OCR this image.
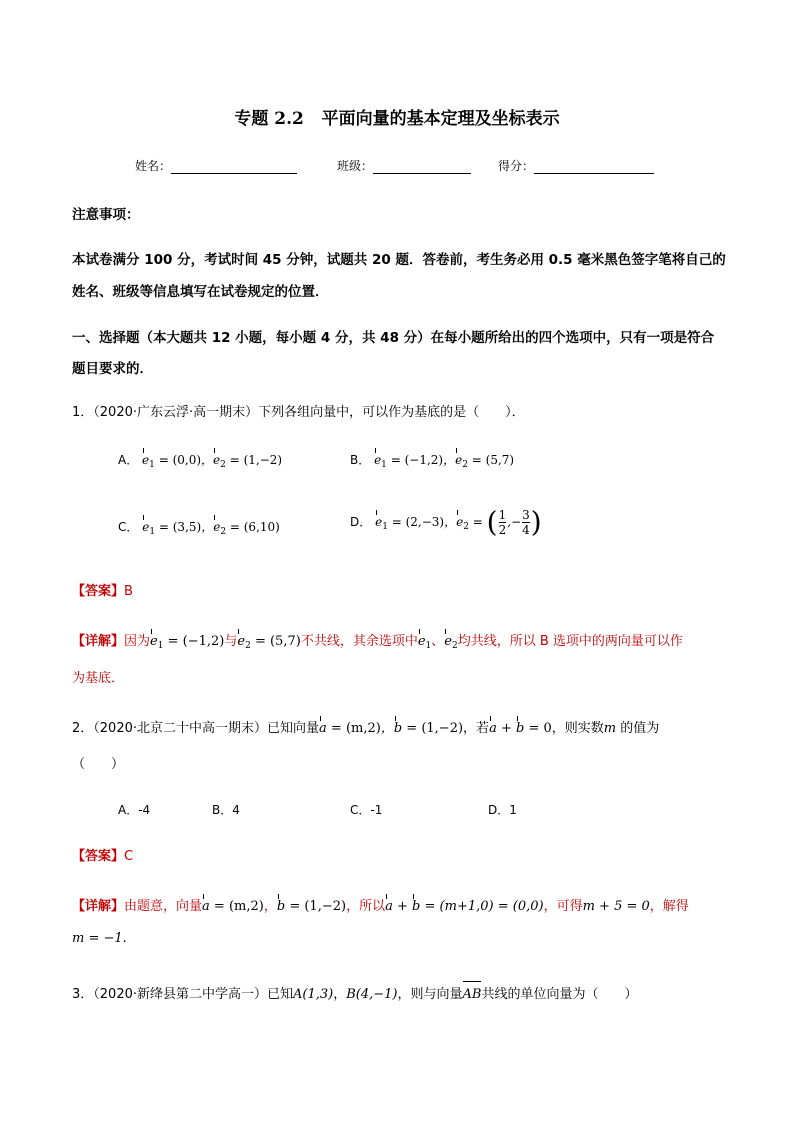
专题 2.2 平面向量的基本定理及坐标表示
姓名：	班级：	得分：
注意事项：
本试卷满分 100 分，考试时间 45 分钟，试题共 20 题．答卷前，考生务必用 0.5 毫米黑色签字笔将自己的
姓名、班级等信息填写在试卷规定的位置．
一、选择题（本大题共 12 小题，每小题 4 分，共 48 分）在每小题所给出的四个选项中，只有一项是符合
题目要求的．
1．（2020·广东云浮·高一期末）下列各组向量中，可以作为基底的是（　　）．
A． $e_1 = (0,0)$，$e_2 = (1,-2)$	B． $e_1 = (-1,2)$，$e_2 = (5,7)$
C． $e_1 = (3,5)$，$e_2 = (6,10)$	D． $e_1 = (2,-3)$，$e_2$ = ( $\frac{1}{2}$ ,− $\frac{3}{4}$ )
【答案】B
【详解】因为$e_1 = (-1,2)$与$e_2 = (5,7)$不共线，其余选项中$e_1$、$e_2$均共线，所以 B 选项中的两向量可以作
为基底．
2．（2020·北京二十中高一期末）已知向量a = (m,2)，b = (1,−2)，若a + b = 0，则实数m 的值为
（　　）
A．-4	B．4	C．-1	D．1
【答案】C
【详解】由题意，向量a = (m,2)，b = (1,−2)，所以a + b = (m+1,0) = (0,0)，可得m + 5 = 0，解得
m = −1.
3．（2020·新绛县第二中学高一）已知A(1,3)，B(4,−1)，则与向量
AB共线的单位向量为（　　）
